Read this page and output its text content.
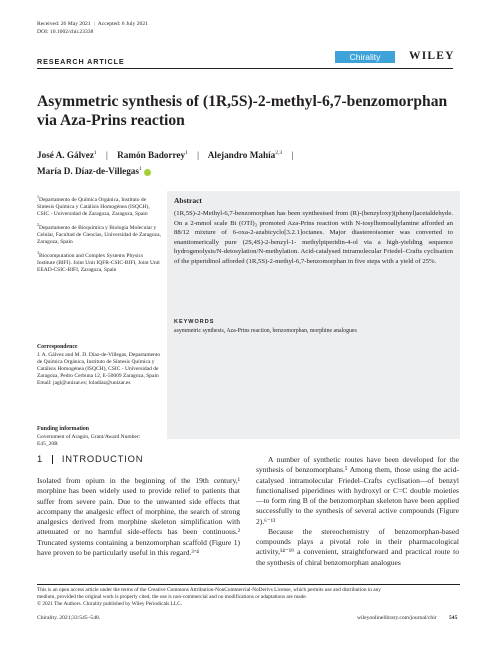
Received: 26 May 2021 | Accepted: 6 July 2021
DOI: 10.1002/chir.23338
RESEARCH ARTICLE	Chirality	WILEY
Asymmetric synthesis of (1R,5S)-2-methyl-6,7-benzomorphan
via Aza-Prins reaction
José A. Gálvez$^1$ | Ramón Badorrey$^1$ | Alejandro Mahía$^{2,3}$ |
María D. Díaz-de-Villegas$^1$
$^1$Departamento de Química Orgánica, Instituto de Síntesis Química y Catálisis Homogénea (ISQCH), CSIC - Universidad de Zaragoza, Zaragoza, Spain
$^2$Departamento de Bioquímica y Biología Molecular y Celular, Facultad de Ciencias, Universidad de Zaragoza, Zaragoza, Spain
$^3$Biocomputation and Complex Systems Physics Institute (BIFI). Joint Unit IQFR-CSIC-BIFI, Joint Unit EEAD-CSIC-BIFI, Zaragoza, Spain
Correspondence
J. A. Gálvez and M. D. Díaz-de-Villegas, Departamento de Química Orgánica, Instituto de Síntesis Química y Catálisis Homogénea (ISQCH), CSIC - Universidad de Zaragoza, Pedro Cerbuna 12, E-50009 Zaragoza, Spain
Email: jagl@unizar.es; loladiaz@unizar.es
Funding information
Government of Aragón, Grant/Award Number: E45_20R
Abstract
(1R,5S)-2-Methyl-6,7-benzomorphan has been synthesised from (R)-(benzyloxy)(phenyl)acetaldehyde. On a 2-mmol scale Bi (OTf)₃ promoted Aza-Prins reaction with N-tosylhomoallylamine afforded an 88/12 mixture of 6-oxa-2-azabicyclo[3.2.1]octanes. Major diastereoisomer was converted to enantiomerically pure (2S,4S)-2-benzyl-1- methylpiperidin-4-ol via a high-yielding sequence hydrogenolysis/N-detosylation/N-methylation. Acid-catalysed intramolecular Friedel–Crafts cyclisation of the piperidinol afforded (1R,5S)-2-methyl-6,7-benzomorphan in five steps with a yield of 25%.
KEYWORDS
asymmetric synthesis, Aza-Prins reaction, benzomorphan, morphine analogues
1 INTRODUCTION

Isolated from opium in the beginning of the 19th century,¹ morphine has been widely used to provide relief to patients that suffer from severe pain. Due to the unwanted side effects that accompany the analgesic effect of morphine, the search of strong analgesics derived from morphine skeleton simplification with attenuated or no harmful side-effects has been continuous.² Truncated systems containing a benzomorphan scaffold (Figure 1) have proven to be particularly useful in this regard.³ʼ⁴

A number of synthetic routes have been developed for the synthesis of benzomorphans.⁵ Among them, those using the acid-catalysed intramolecular Friedel–Crafts cyclisation—of benzyl functionalised piperidines with hydroxyl or C=C double moieties—to form ring B of the benzomorphan skeleton have been applied successfully to the synthesis of several active compounds (Figure 2).⁶⁻¹³

Because the stereochemistry of benzomorphan-based compounds plays a pivotal role in their pharmacological activity,¹⁴⁻¹⁹ a convenient, straightforward and practical route to the synthesis of chiral benzomorphan analogues

This is an open access article under the terms of the Creative Commons Attribution-NonCommercial-NoDerivs License, which permits use and distribution in any
medium, provided the original work is properly cited, the use is non-commercial and no modifications or adaptations are made.
© 2021 The Authors. Chirality published by Wiley Periodicals LLC.
Chirality. 2021;33:545–548.	wileyonlinelibrary.com/journal/chir 545
